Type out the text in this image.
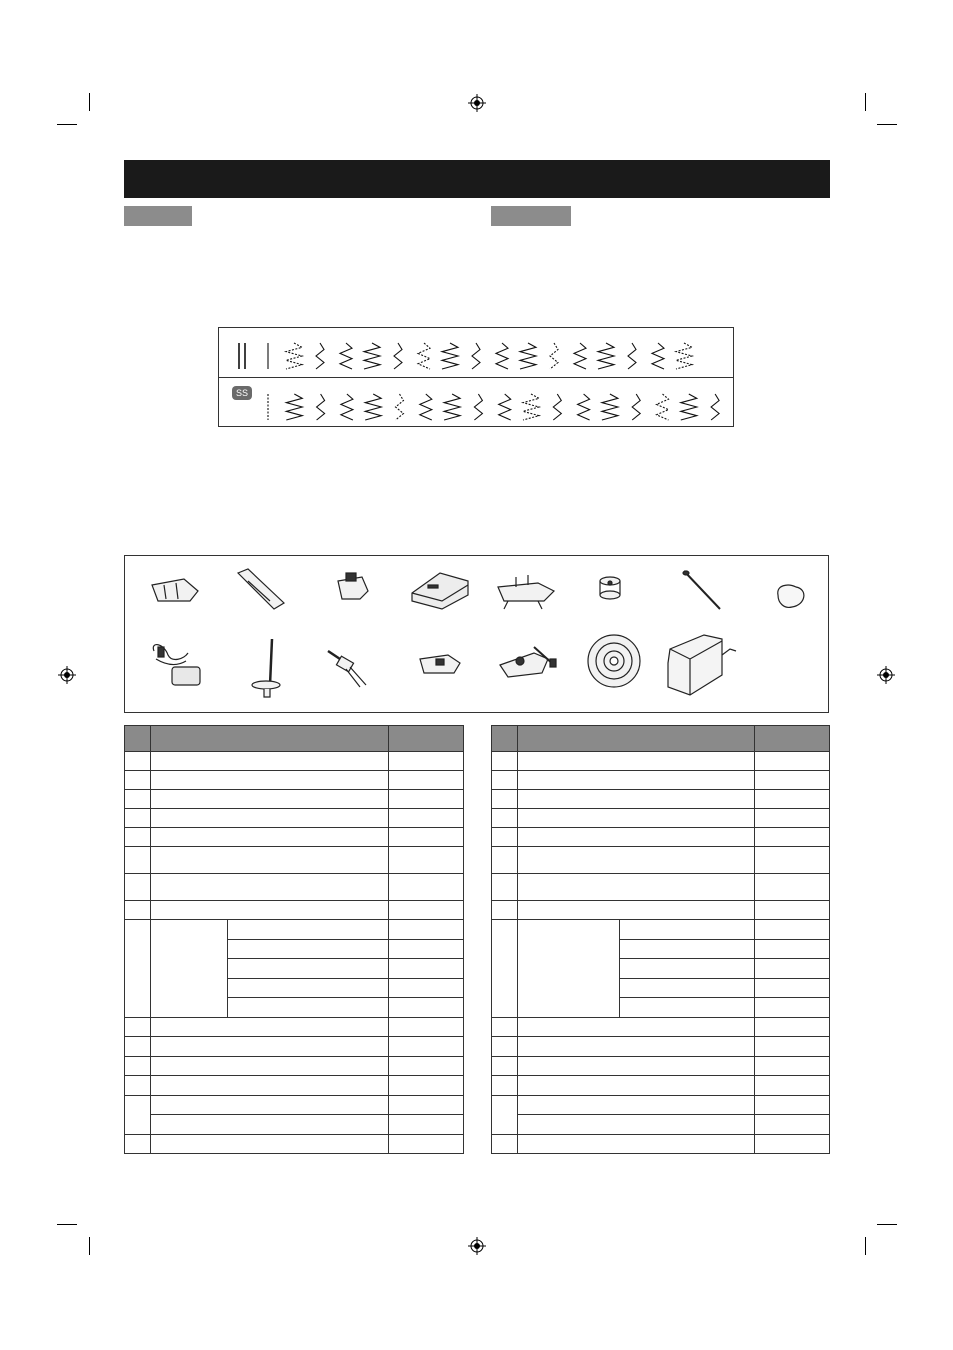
SS
